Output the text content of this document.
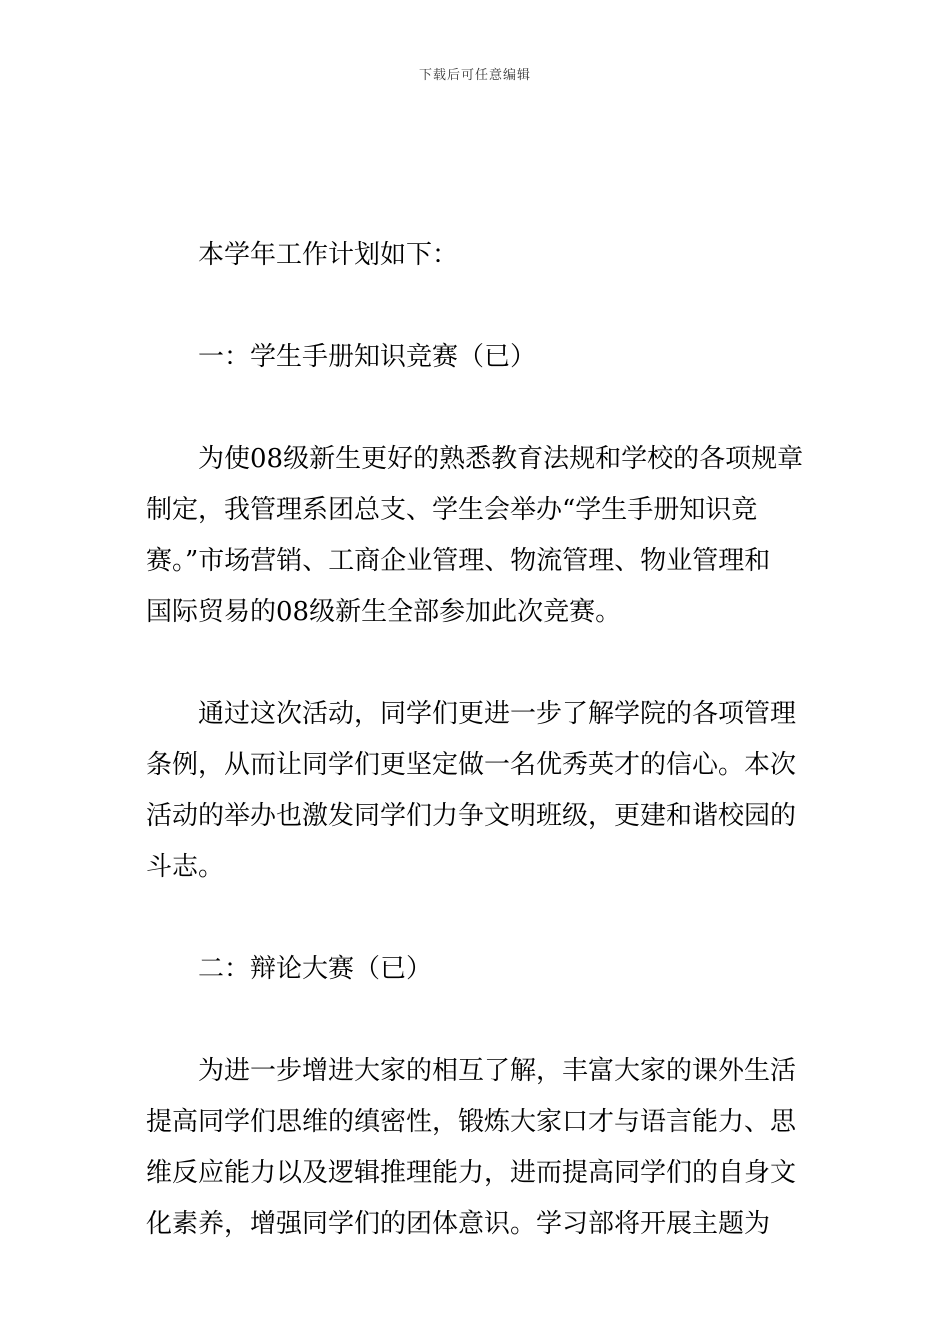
下载后可任意编辑
本学年工作计划如下：
一：学生手册知识竞赛（已）
为使08级新生更好的熟悉教育法规和学校的各项规章
制定，我管理系团总支、学生会举办“学生手册知识竞
赛。”市场营销、工商企业管理、物流管理、物业管理和
国际贸易的08级新生全部参加此次竞赛。
通过这次活动，同学们更进一步了解学院的各项管理
条例，从而让同学们更坚定做一名优秀英才的信心。本次
活动的举办也激发同学们力争文明班级，更建和谐校园的
斗志。
二：辩论大赛（已）
为进一步增进大家的相互了解，丰富大家的课外生活
提高同学们思维的缜密性，锻炼大家口才与语言能力、思
维反应能力以及逻辑推理能力，进而提高同学们的自身文
化素养，增强同学们的团体意识。学习部将开展主题为
